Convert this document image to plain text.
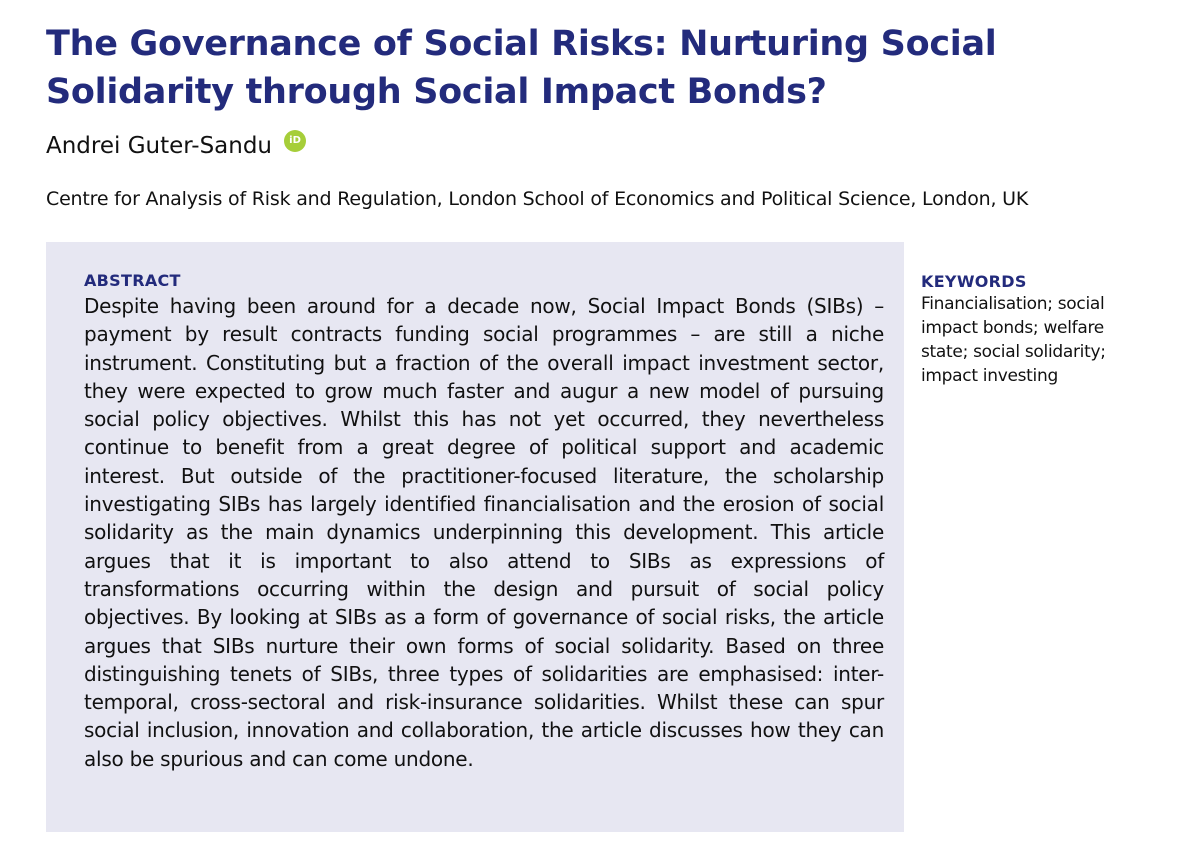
The Governance of Social Risks: Nurturing Social Solidarity through Social Impact Bonds?
Andrei Guter-Sandu	iD
Centre for Analysis of Risk and Regulation, London School of Economics and Political Science, London, UK
ABSTRACT

Despite having been around for a decade now, Social Impact Bonds (SIBs) – payment by result contracts funding social programmes – are still a niche instrument. Constituting but a fraction of the overall impact investment sector, they were expected to grow much faster and augur a new model of pursuing social policy objectives. Whilst this has not yet occurred, they nevertheless continue to benefit from a great degree of political support and academic interest. But outside of the practitioner-focused literature, the scholarship investigating SIBs has largely identified financialisation and the erosion of social solidarity as the main dynamics underpinning this development. This article argues that it is important to also attend to SIBs as expressions of transformations occurring within the design and pursuit of social policy objectives. By looking at SIBs as a form of governance of social risks, the article argues that SIBs nurture their own forms of social solidarity. Based on three distinguishing tenets of SIBs, three types of solidarities are emphasised: inter-temporal, cross-sectoral and risk-insurance solidarities. Whilst these can spur social inclusion, innovation and collaboration, the article discusses how they can also be spurious and can come undone.

KEYWORDS
Financialisation; social impact bonds; welfare state; social solidarity; impact investing
